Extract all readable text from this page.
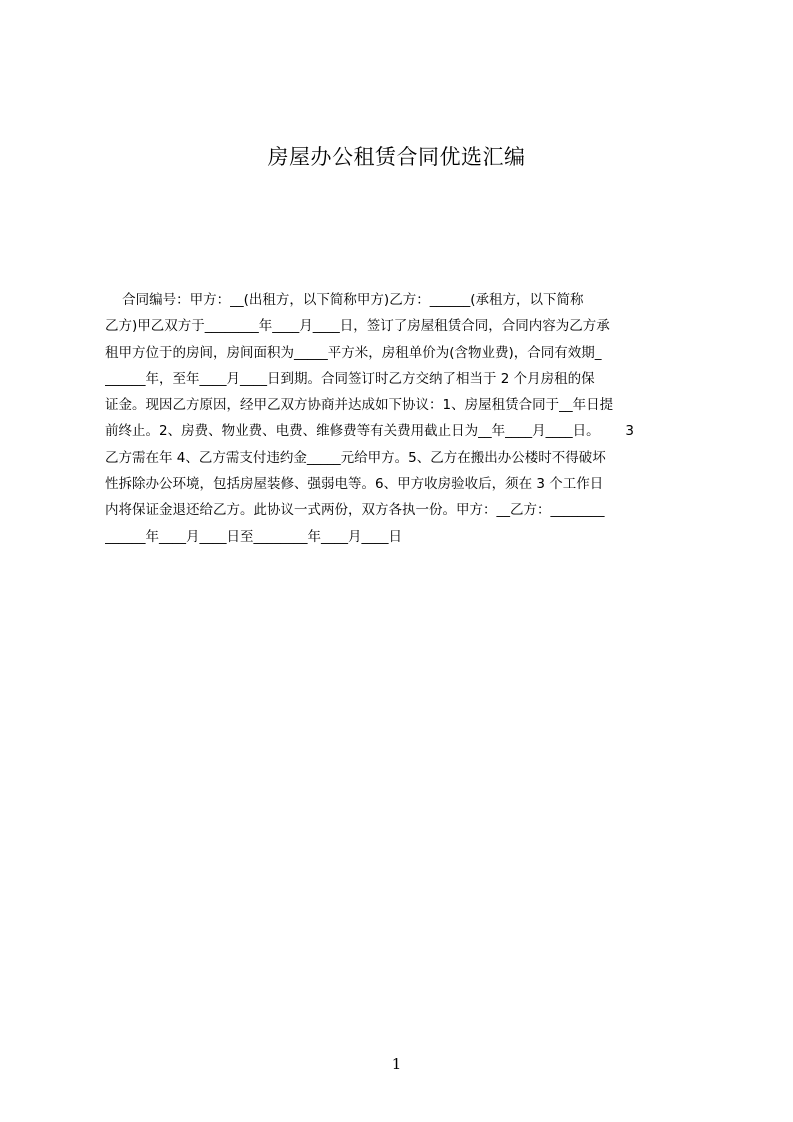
房屋办公租赁合同优选汇编
合同编号：甲方：__(出租方，以下简称甲方)乙方：______(承租方，以下简称
乙方)甲乙双方于________年____月____日，签订了房屋租赁合同，合同内容为乙方承
租甲方位于的房间，房间面积为_____平方米，房租单价为(含物业费)，合同有效期_
______年，至年____月____日到期。合同签订时乙方交纳了相当于 2 个月房租的保
证金。现因乙方原因，经甲乙双方协商并达成如下协议：1、房屋租赁合同于__年日提
前终止。2、房费、物业费、电费、维修费等有关费用截止日为__年____月____日。      3
乙方需在年 4、乙方需支付违约金_____元给甲方。5、乙方在搬出办公楼时不得破坏
性拆除办公环境，包括房屋装修、强弱电等。6、甲方收房验收后，须在 3 个工作日
内将保证金退还给乙方。此协议一式两份，双方各执一份。甲方：__乙方：________
______年____月____日至________年____月____日
1
